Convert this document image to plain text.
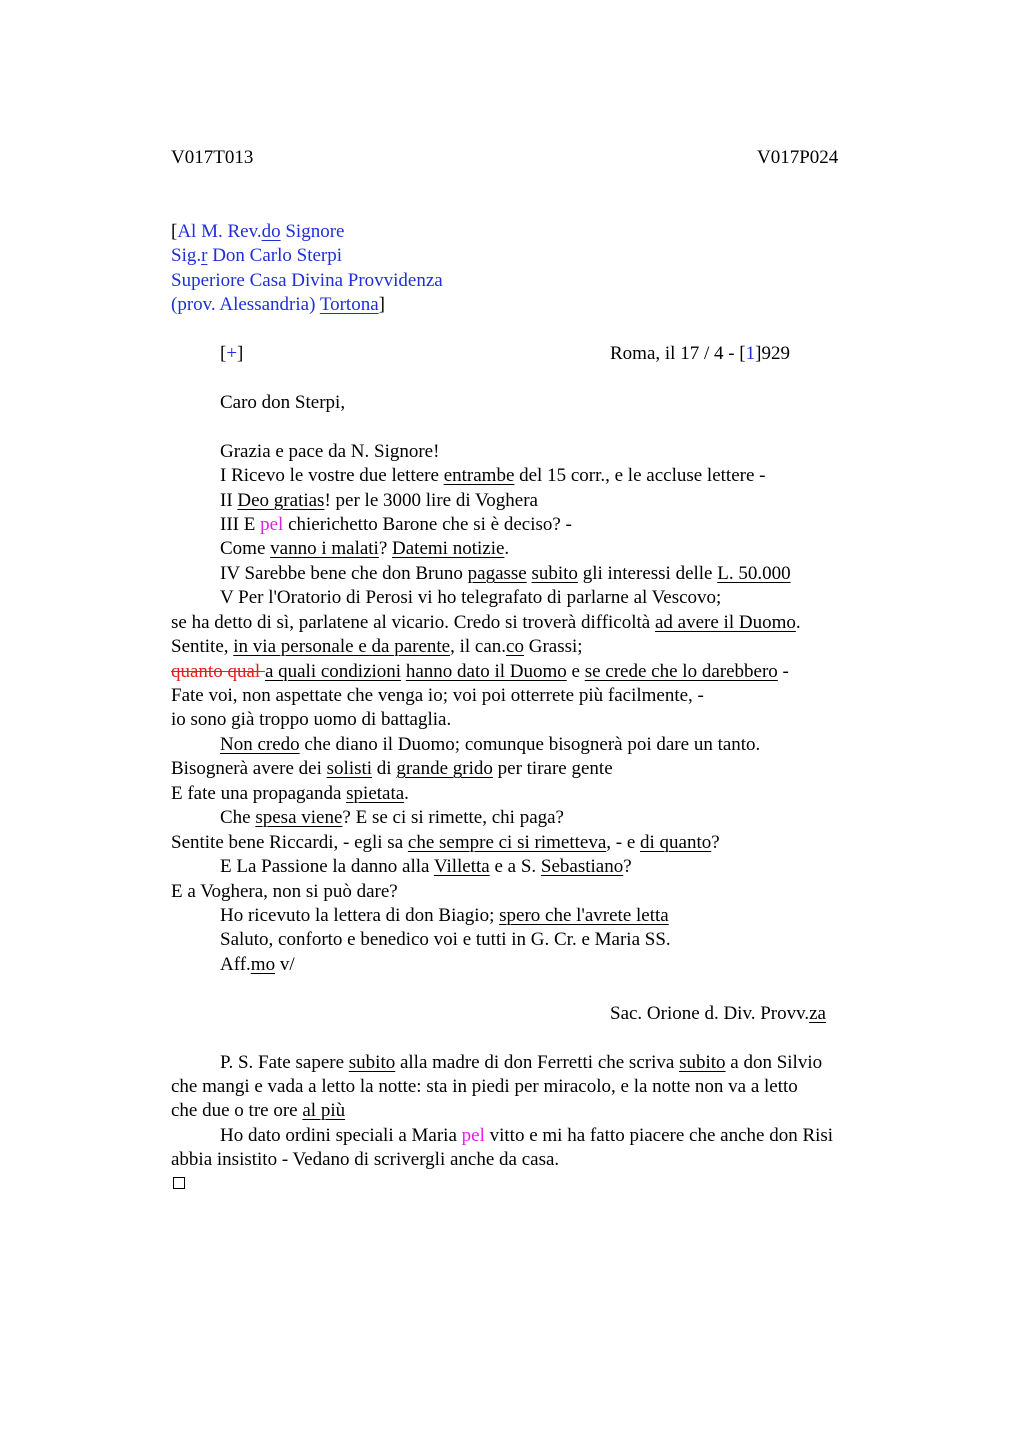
V017T013	V017P024
[Al M. Rev.do Signore
Sig.r Don Carlo Sterpi
Superiore Casa Divina Provvidenza
(prov. Alessandria) Tortona]
[+]	Roma, il 17 / 4 - [1]929
Caro don Sterpi,
Grazia e pace da N. Signore!
I Ricevo le vostre due lettere entrambe del 15 corr., e le accluse lettere -
II Deo gratias! per le 3000 lire di Voghera
III E pel chierichetto Barone che si è deciso? -
Come vanno i malati? Datemi notizie.
IV Sarebbe bene che don Bruno pagasse subito gli interessi delle L. 50.000
V Per l'Oratorio di Perosi vi ho telegrafato di parlarne al Vescovo;
se ha detto di sì, parlatene al vicario. Credo si troverà difficoltà ad avere il Duomo.
Sentite, in via personale e da parente, il can.co Grassi;
quanto qual a quali condizioni hanno dato il Duomo e se crede che lo darebbero -
Fate voi, non aspettate che venga io; voi poi otterrete più facilmente, -
io sono già troppo uomo di battaglia.
Non credo che diano il Duomo; comunque bisognerà poi dare un tanto.
Bisognerà avere dei solisti di grande grido per tirare gente
E fate una propaganda spietata.
Che spesa viene? E se ci si rimette, chi paga?
Sentite bene Riccardi, - egli sa che sempre ci si rimetteva, - e di quanto?
E La Passione la danno alla Villetta e a S. Sebastiano?
E a Voghera, non si può dare?
Ho ricevuto la lettera di don Biagio; spero che l'avrete letta
Saluto, conforto e benedico voi e tutti in G. Cr. e Maria SS.
Aff.mo v/
Sac. Orione d. Div. Provv.za
P. S. Fate sapere subito alla madre di don Ferretti che scriva subito a don Silvio
che mangi e vada a letto la notte: sta in piedi per miracolo, e la notte non va a letto
che due o tre ore al più
Ho dato ordini speciali a Maria pel vitto e mi ha fatto piacere che anche don Risi
abbia insistito - Vedano di scrivergli anche da casa.
